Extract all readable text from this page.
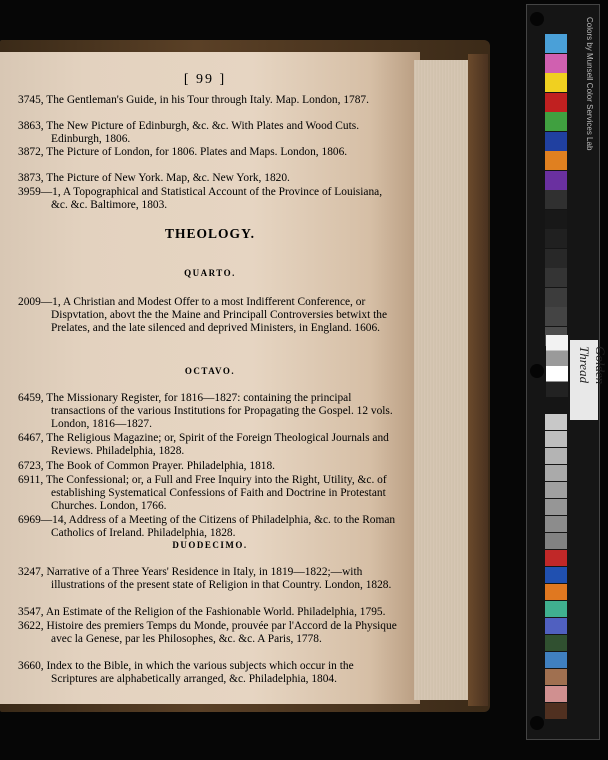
[ 99 ]
3745, The Gentleman's Guide, in his Tour through Italy. Map. London, 1787.
3863, The New Picture of Edinburgh, &c. &c. With Plates and Wood Cuts. Edinburgh, 1806.
3872, The Picture of London, for 1806. Plates and Maps. London, 1806.
3873, The Picture of New York. Map, &c. New York, 1820.
3959—1, A Topographical and Statistical Account of the Province of Louisiana, &c. &c. Baltimore, 1803.
THEOLOGY.
QUARTO.
2009—1, A Christian and Modest Offer to a most Indifferent Conference, or Dispvtation, abovt the the Maine and Principall Controversies betwixt the Prelates, and the late silenced and deprived Ministers, in England. 1606.
OCTAVO.
6459, The Missionary Register, for 1816—1827: containing the principal transactions of the various Institutions for Propagating the Gospel. 12 vols. London, 1816—1827.
6467, The Religious Magazine; or, Spirit of the Foreign Theological Journals and Reviews. Philadelphia, 1828.
6723, The Book of Common Prayer. Philadelphia, 1818.
6911, The Confessional; or, a Full and Free Inquiry into the Right, Utility, &c. of establishing Systematical Confessions of Faith and Doctrine in Protestant Churches. London, 1766.
6969—14, Address of a Meeting of the Citizens of Philadelphia, &c. to the Roman Catholics of Ireland. Philadelphia, 1828.
DUODECIMO.
3247, Narrative of a Three Years' Residence in Italy, in 1819—1822;—with illustrations of the present state of Religion in that Country. London, 1828.
3547, An Estimate of the Religion of the Fashionable World. Philadelphia, 1795.
3622, Histoire des premiers Temps du Monde, prouvée par l'Accord de la Physique avec la Genese, par les Philosophes, &c. &c. A Paris, 1778.
3660, Index to the Bible, in which the various subjects which occur in the Scriptures are alphabetically arranged, &c. Philadelphia, 1804.
Colors by Munsell Color Services Lab
Golden Thread
